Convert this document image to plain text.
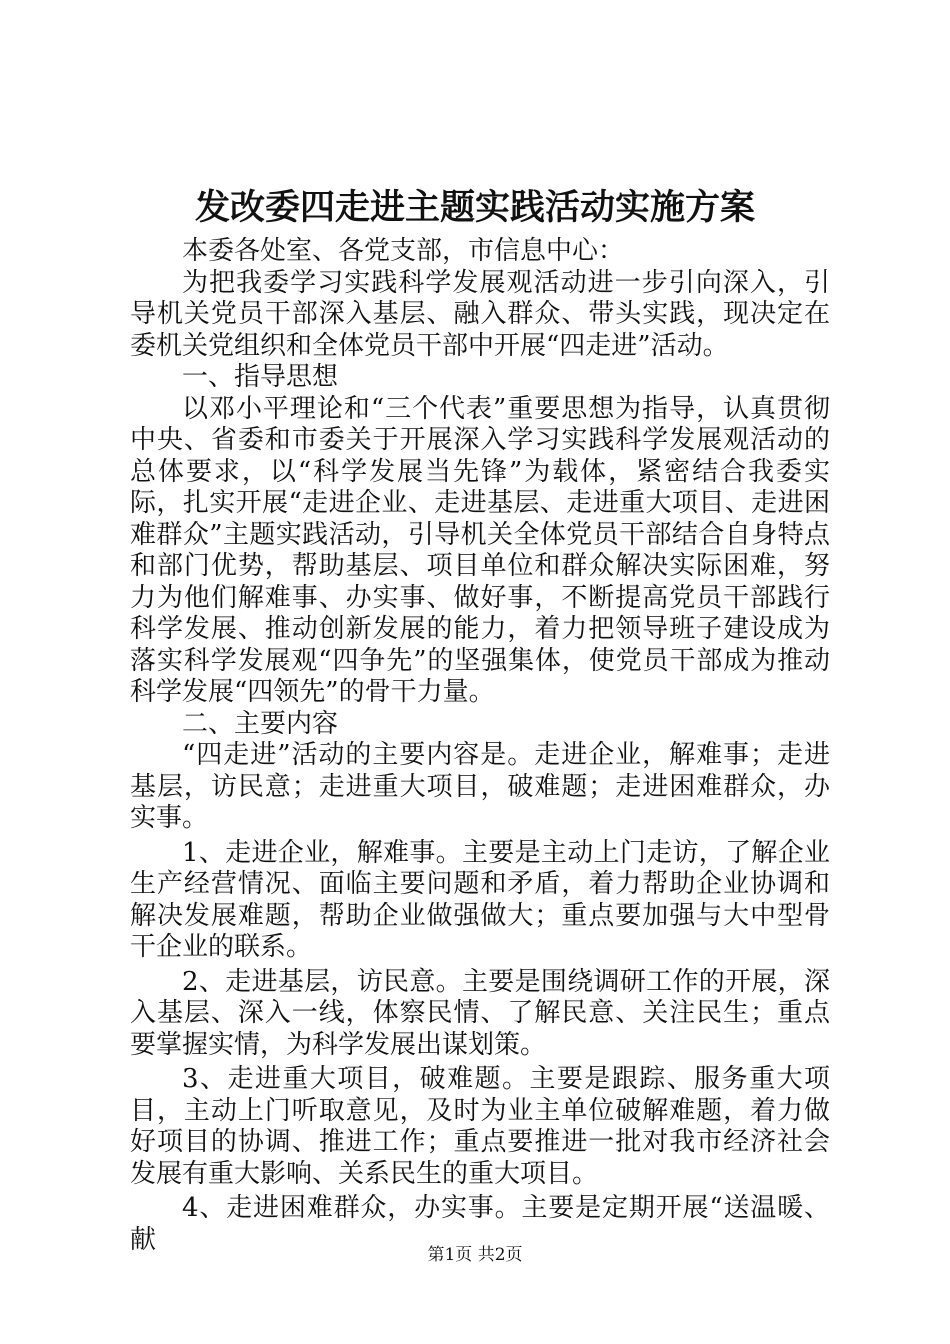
发改委四走进主题实践活动实施方案

本委各处室、各党支部，市信息中心：

为把我委学习实践科学发展观活动进一步引向深入，引导机关党员干部深入基层、融入群众、带头实践，现决定在委机关党组织和全体党员干部中开展“四走进”活动。

一、指导思想

以邓小平理论和“三个代表”重要思想为指导，认真贯彻中央、省委和市委关于开展深入学习实践科学发展观活动的总体要求，以“科学发展当先锋”为载体，紧密结合我委实际，扎实开展“走进企业、走进基层、走进重大项目、走进困难群众”主题实践活动，引导机关全体党员干部结合自身特点和部门优势，帮助基层、项目单位和群众解决实际困难，努力为他们解难事、办实事、做好事，不断提高党员干部践行科学发展、推动创新发展的能力，着力把领导班子建设成为落实科学发展观“四争先”的坚强集体，使党员干部成为推动科学发展“四领先”的骨干力量。

二、主要内容

“四走进”活动的主要内容是。走进企业，解难事；走进基层，访民意；走进重大项目，破难题；走进困难群众，办实事。

1、走进企业，解难事。主要是主动上门走访，了解企业生产经营情况、面临主要问题和矛盾，着力帮助企业协调和解决发展难题，帮助企业做强做大；重点要加强与大中型骨干企业的联系。

2、走进基层，访民意。主要是围绕调研工作的开展，深入基层、深入一线，体察民情、了解民意、关注民生；重点要掌握实情，为科学发展出谋划策。

3、走进重大项目，破难题。主要是跟踪、服务重大项目，主动上门听取意见，及时为业主单位破解难题，着力做好项目的协调、推进工作；重点要推进一批对我市经济社会发展有重大影响、关系民生的重大项目。

4、走进困难群众，办实事。主要是定期开展“送温暖、献

第1页 共2页
